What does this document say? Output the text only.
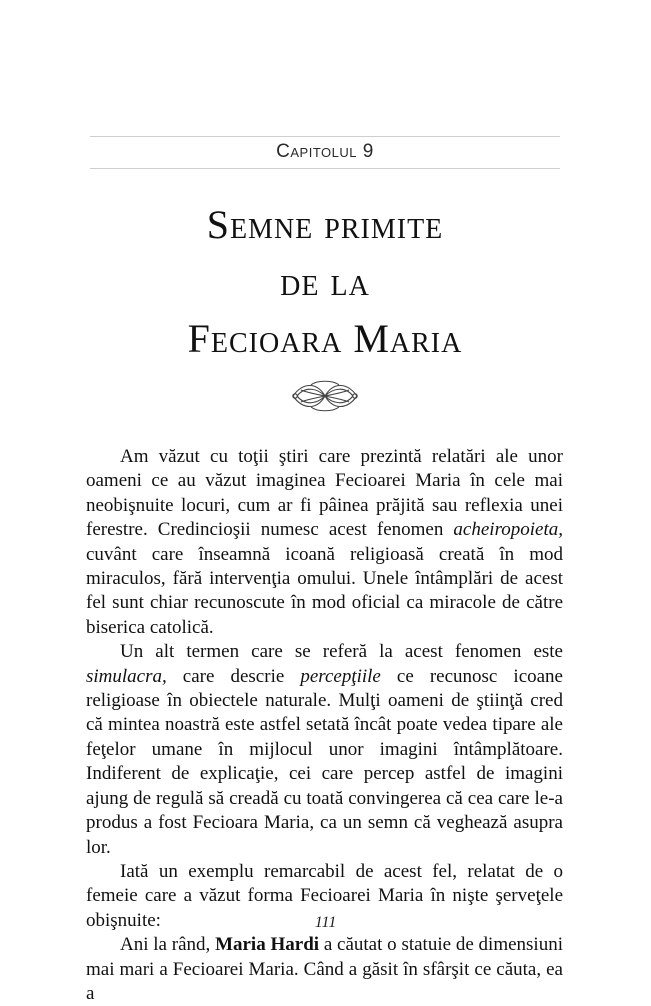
Capitolul 9
Semne primite
de la
Fecioara Maria

Am văzut cu toţii ştiri care prezintă relatări ale unor oameni ce au văzut imaginea Fecioarei Maria în cele mai neobişnuite locuri, cum ar fi pâinea prăjită sau reflexia unei ferestre. Credincioşii numesc acest fenomen acheiropoieta, cuvânt care înseamnă icoană religioasă creată în mod miraculos, fără intervenţia omului. Unele întâmplări de acest fel sunt chiar recunoscute în mod oficial ca miracole de către biserica catolică.

Un alt termen care se referă la acest fenomen este simulacra, care descrie percepţiile ce recunosc icoane religioase în obiectele naturale. Mulţi oameni de ştiinţă cred că mintea noastră este astfel setată încât poate vedea tipare ale feţelor umane în mijlocul unor imagini întâmplătoare. Indiferent de explicaţie, cei care percep astfel de imagini ajung de regulă să creadă cu toată convingerea că cea care le-a produs a fost Fecioara Maria, ca un semn că veghează asupra lor.

Iată un exemplu remarcabil de acest fel, relatat de o femeie care a văzut forma Fecioarei Maria în nişte şerveţele obişnuite:

Ani la rând, Maria Hardi a căutat o statuie de dimensiuni mai mari a Fecioarei Maria. Când a găsit în sfârşit ce căuta, ea a

111
